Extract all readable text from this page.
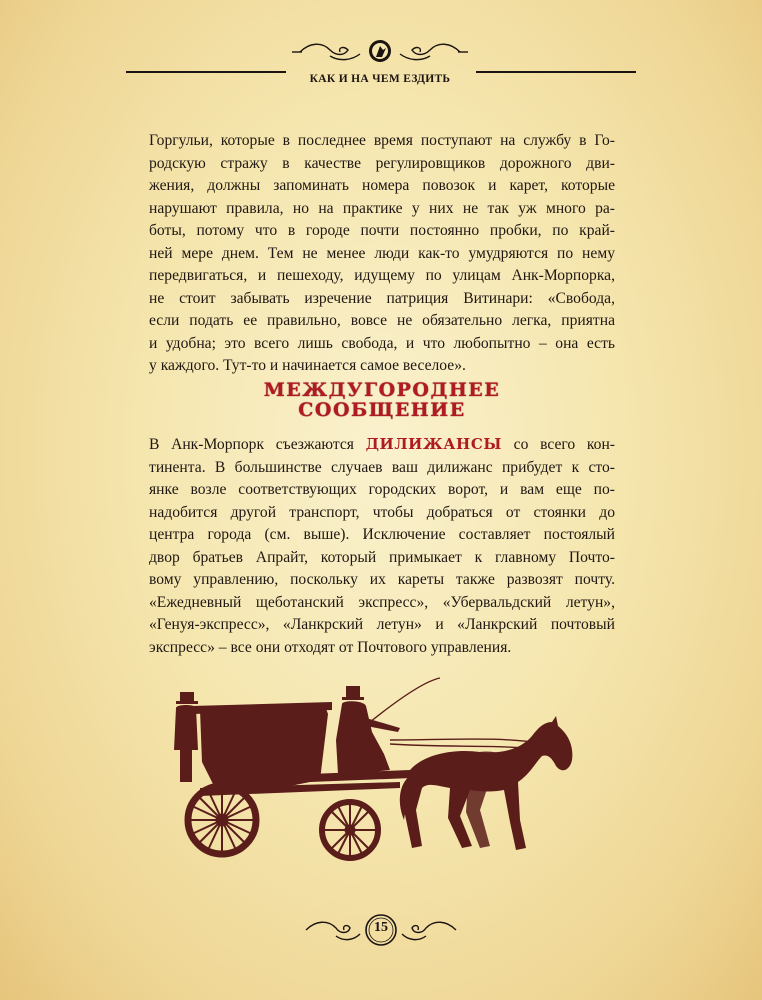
КАК И НА ЧЕМ ЕЗДИТЬ

Горгульи, которые в последнее время поступают на службу в Го-
родскую стражу в качестве регулировщиков дорожного дви-
жения, должны запоминать номера повозок и карет, которые
нарушают правила, но на практике у них не так уж много ра-
боты, потому что в городе почти постоянно пробки, по край-
ней мере днем. Тем не менее люди как-то умудряются по нему
передвигаться, и пешеходу, идущему по улицам Анк-Морпорка,
не стоит забывать изречение патриция Витинари: «Свобода,
если подать ее правильно, вовсе не обязательно легка, приятна
и удобна; это всего лишь свобода, и что любопытно – она есть
у каждого. Тут-то и начинается самое веселое».

МЕЖДУГОРОДНЕЕ
СООБЩЕНИЕ

В Анк-Морпорк съезжаются ДИЛИЖАНСЫ со всего кон-
тинента. В большинстве случаев ваш дилижанс прибудет к сто-
янке возле соответствующих городских ворот, и вам еще по-
надобится другой транспорт, чтобы добраться от стоянки до
центра города (см. выше). Исключение составляет постоялый
двор братьев Апрайт, который примыкает к главному Почто-
вому управлению, поскольку их кареты также развозят почту.
«Ежедневный щеботанский экспресс», «Убервальдский летун»,
«Генуя-экспресс», «Ланкрский летун» и «Ланкрский почтовый
экспресс» – все они отходят от Почтового управления.

15
